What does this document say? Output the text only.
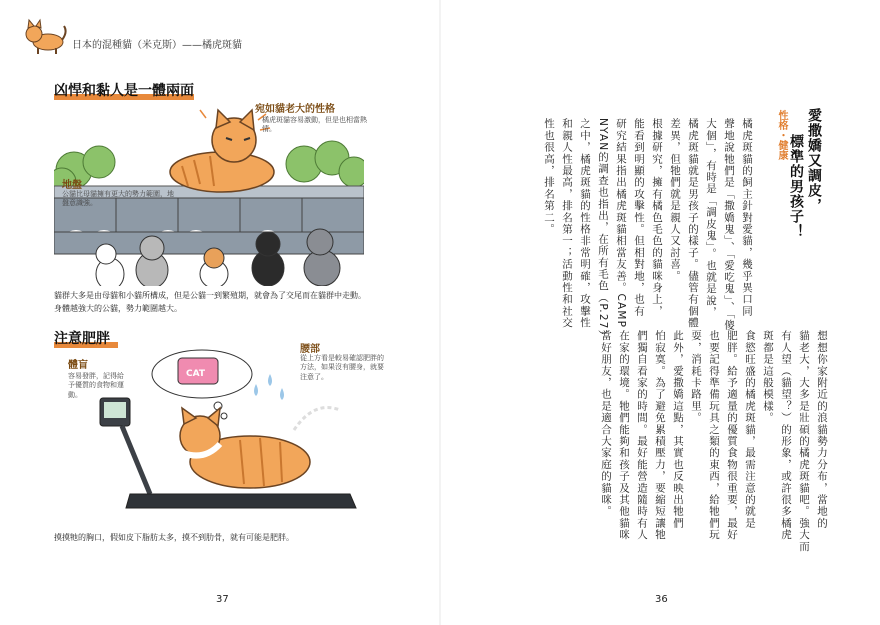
日本的混種貓（米克斯）——橘虎斑貓
凶悍和黏人是一體兩面
宛如貓老大的性格
橘虎斑貓容易激動，但是也相當熱情。
地盤
公貓比母貓擁有更大的勢力範圍，地盤意識強。
貓群大多是由母貓和小貓所構成，但是公貓一到繁殖期，就會為了交尾而在貓群中走動。
身體越強大的公貓，勢力範圍越大。
注意肥胖
CAT
腰部
從上方看是較易確認肥胖的方法，如果沒有腰身，就要注意了。
體盲
容易發胖，記得給予優質的食物和運動。
摸摸牠的胸口，假如皮下脂肪太多，摸不到肋骨，就有可能是肥胖。
37
性格・健康 愛撒嬌又調皮，
標準的男孩子！
橘虎斑貓的飼主針對愛貓，幾乎異口同
聲地說牠們是「撒嬌鬼」、「愛吃鬼」、「傻
大個」，有時是「調皮鬼」。也就是說，
橘虎斑貓就是男孩子的樣子。儘管有個體
差異，但牠們就是親人又討喜。
根據研究，擁有橘色毛色的貓咪身上，
能看到明顯的攻擊性。但相對地，也有
研究結果指出橘虎斑貓相當友善。CAMP
NYAN的調查也指出，在所有毛色（P.27）
之中，橘虎斑貓的性格非常明確，攻擊性
和親人性最高，排名第一；活動性和社交
性也很高，排名第二。
想想你家附近的浪貓勢力分布，當地的
貓老大，大多是壯碩的橘虎斑貓吧。強大而
有人望（貓望？）的形象，或許很多橘虎
斑都是這般模樣。
食慾旺盛的橘虎斑貓，最需注意的就是
肥胖。給予適量的優質食物很重要，最好
也要記得準備玩具之類的東西，給牠們玩
耍，消耗卡路里。
此外，愛撒嬌這點，其實也反映出牠們
怕寂寞。為了避免累積壓力，要縮短讓牠
們獨自看家的時間。最好能營造隨時有人
在家的環境。牠們能夠和孩子及其他貓咪
當好朋友，也是適合大家庭的貓咪。
36
